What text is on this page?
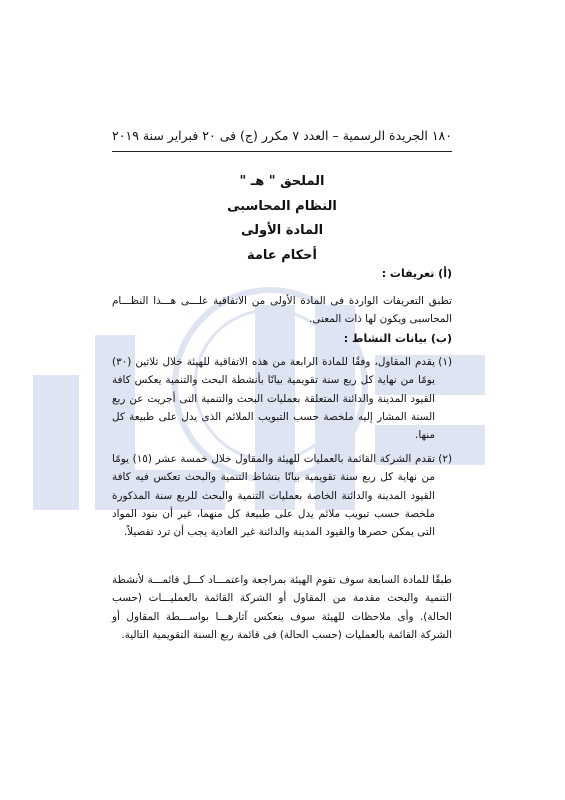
١٨٠ الجريدة الرسمية – العدد ٧ مكرر (ج) فى ٢٠ فبراير سنة ٢٠١٩
الملحق " هـ "
النظام المحاسبى
المادة الأولى
أحكام عامة
(أ) تعريفات :
تطبق التعريفات الواردة فى المادة الأولى من الاتفاقية علـــى هـــذا النظـــام المحاسبى ويكون لها ذات المعنى.
(ب) بيانات النشاط :
(١)
يقدم المقاول، وفقًا للمادة الرابعة من هذه الاتفاقية للهيئة خلال ثلاثين (٣٠) يومًا من نهاية كل ربع سنة تقويمية بيانًا بأنشطة البحث والتنمية يعكس كافة القيود المدينة والدائنة المتعلقة بعمليات البحث والتنمية التى أجريت عن ربع السنة المشار إليه ملخصة حسب التبويب الملائم الذى يدل على طبيعة كل منها.
(٢)
تقدم الشركة القائمة بالعمليات للهيئة والمقاول خلال خمسة عشر (١٥) يومًا من نهاية كل ربع سنة تقويمية بيانًا بنشاط التنمية والبحث تعكس فيه كافة القيود المدينة والدائنة الخاصة بعمليات التنمية والبحث للربع سنة المذكورة ملخصة حسب تبويب ملائم يدل على طبيعة كل منهما، غير أن بنود المواد التى يمكن حصرها والقيود المدينة والدائنة غير العادية يجب أن ترد تفصيلاً.
طبقًا للمادة السابعة سوف تقوم الهيئة بمراجعة واعتمـــاد كـــل قائمـــة لأنشطة التنمية والبحث مقدمة من المقاول أو الشركة القائمة بالعمليـــات (حسب الحالة). وأى ملاحظات للهيئة سوف ينعكس آثارهـــا بواســـطة المقاول أو الشركة القائمة بالعمليات (حسب الحالة) فى قائمة ربع السنة التقويمية التالية.
